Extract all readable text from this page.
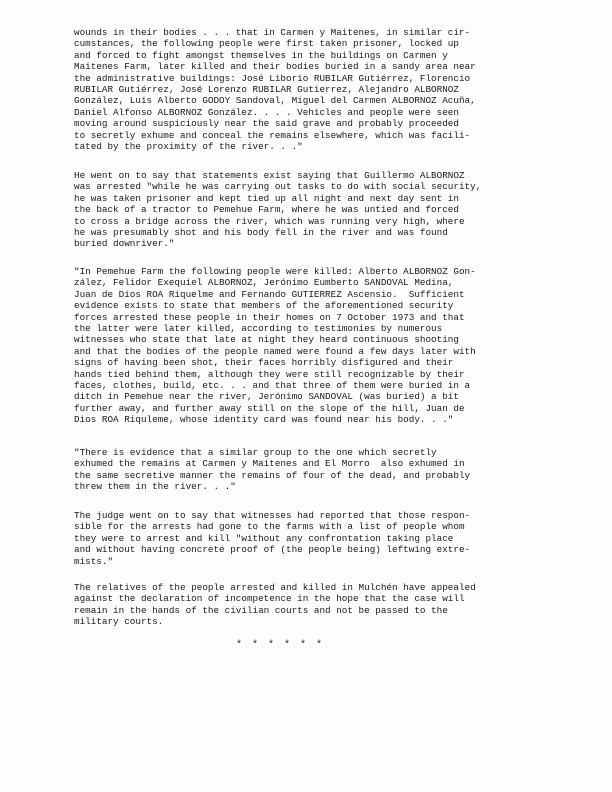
wounds in their bodies . . . that in Carmen y Maitenes, in similar cir-
cumstances, the following people were first taken prisoner, locked up
and forced to fight amongst themselves in the buildings on Carmen y
Maitenes Farm, later killed and their bodies buried in a sandy area near
the administrative buildings: José Liborio RUBILAR Gutiérrez, Florencio
RUBILAR Gutiérrez, José Lorenzo RUBILAR Gutierrez, Alejandro ALBORNOZ
González, Luis Alberto GODOY Sandoval, Miguel del Carmen ALBORNOZ Acuña,
Daniel Alfonso ALBORNOZ González. . . . Vehicles and people were seen
moving around suspiciously near the said grave and probably proceeded
to secretly exhume and conceal the remains elsewhere, which was facili-
tated by the proximity of the river. . ."

He went on to say that statements exist saying that Guillermo ALBORNOZ
was arrested "while he was carrying out tasks to do with social security,
he was taken prisoner and kept tied up all night and next day sent in
the back of a tractor to Pemehue Farm, where he was untied and forced
to cross a bridge across the river, which was running very high, where
he was presumably shot and his body fell in the river and was found
buried downriver."

"In Pemehue Farm the following people were killed: Alberto ALBORNOZ Gon-
zález, Felidor Exequiel ALBORNOZ, Jerónimo Eumberto SANDOVAL Medina,
Juan de Dios ROA Riquelme and Fernando GUTIERREZ Ascensio.  Sufficient
evidence exists to state that members of the aforementioned security
forces arrested these people in their homes on 7 October 1973 and that
the latter were later killed, according to testimonies by numerous
witnesses who state that late at night they heard continuous shooting
and that the bodies of the people named were found a few days later with
signs of having been shot, their faces horribly disfigured and their
hands tied behind them, although they were still recognizable by their
faces, clothes, build, etc. . . and that three of them were buried in a
ditch in Pemehue near the river, Jerónimo SANDOVAL (was buried) a bit
further away, and further away still on the slope of the hill, Juan de
Dios ROA Riquleme, whose identity card was found near his body. . ."

"There is evidence that a similar group to the one which secretly
exhumed the remains at Carmen y Maitenes and El Morro  also exhumed in
the same secretive manner the remains of four of the dead, and probably
threw them in the river. . ."

The judge went on to say that witnesses had reported that those respon-
sible for the arrests had gone to the farms with a list of people whom
they were to arrest and kill "without any confrontation taking place
and without having concrete proof of (the people being) leftwing extre-
mists."

The relatives of the people arrested and killed in Mulchén have appealed
against the declaration of incompetence in the hope that the case will
remain in the hands of the civilian courts and not be passed to the
military courts.

* * * * * *
